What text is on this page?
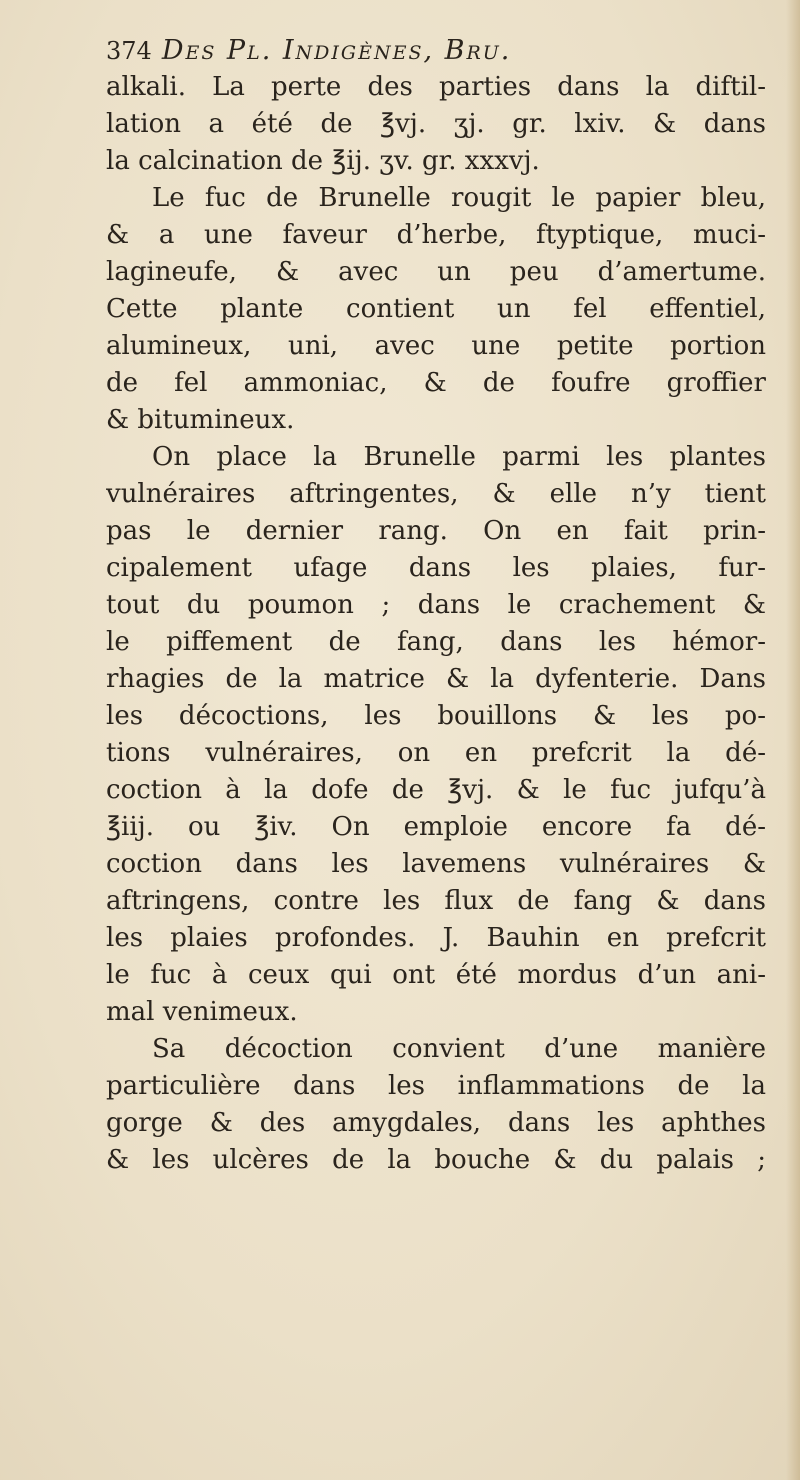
374 Des Pl. Indigènes, Bru.
alkali. La perte des parties dans la diftil-
lation a été de ℥vj. ʒj. gr. lxiv. & dans
la calcination de ℥ij. ʒv. gr. xxxvj.
Le fuc de Brunelle rougit le papier bleu,
& a une faveur d’herbe, ftyptique, muci-
lagineufe, & avec un peu d’amertume.
Cette plante contient un fel effentiel,
alumineux, uni, avec une petite portion
de fel ammoniac, & de foufre groffier
& bitumineux.
On place la Brunelle parmi les plantes
vulnéraires aftringentes, & elle n’y tient
pas le dernier rang. On en fait prin-
cipalement ufage dans les plaies, fur-
tout du poumon ; dans le crachement &
le piffement de fang, dans les hémor-
rhagies de la matrice & la dyfenterie. Dans
les décoctions, les bouillons & les po-
tions vulnéraires, on en prefcrit la dé-
coction à la dofe de ℥vj. & le fuc jufqu’à
℥iij. ou ℥iv. On emploie encore fa dé-
coction dans les lavemens vulnéraires &
aftringens, contre les flux de fang & dans
les plaies profondes. J. Bauhin en prefcrit
le fuc à ceux qui ont été mordus d’un ani-
mal venimeux.
Sa décoction convient d’une manière
particulière dans les inflammations de la
gorge & des amygdales, dans les aphthes
& les ulcères de la bouche & du palais ;
